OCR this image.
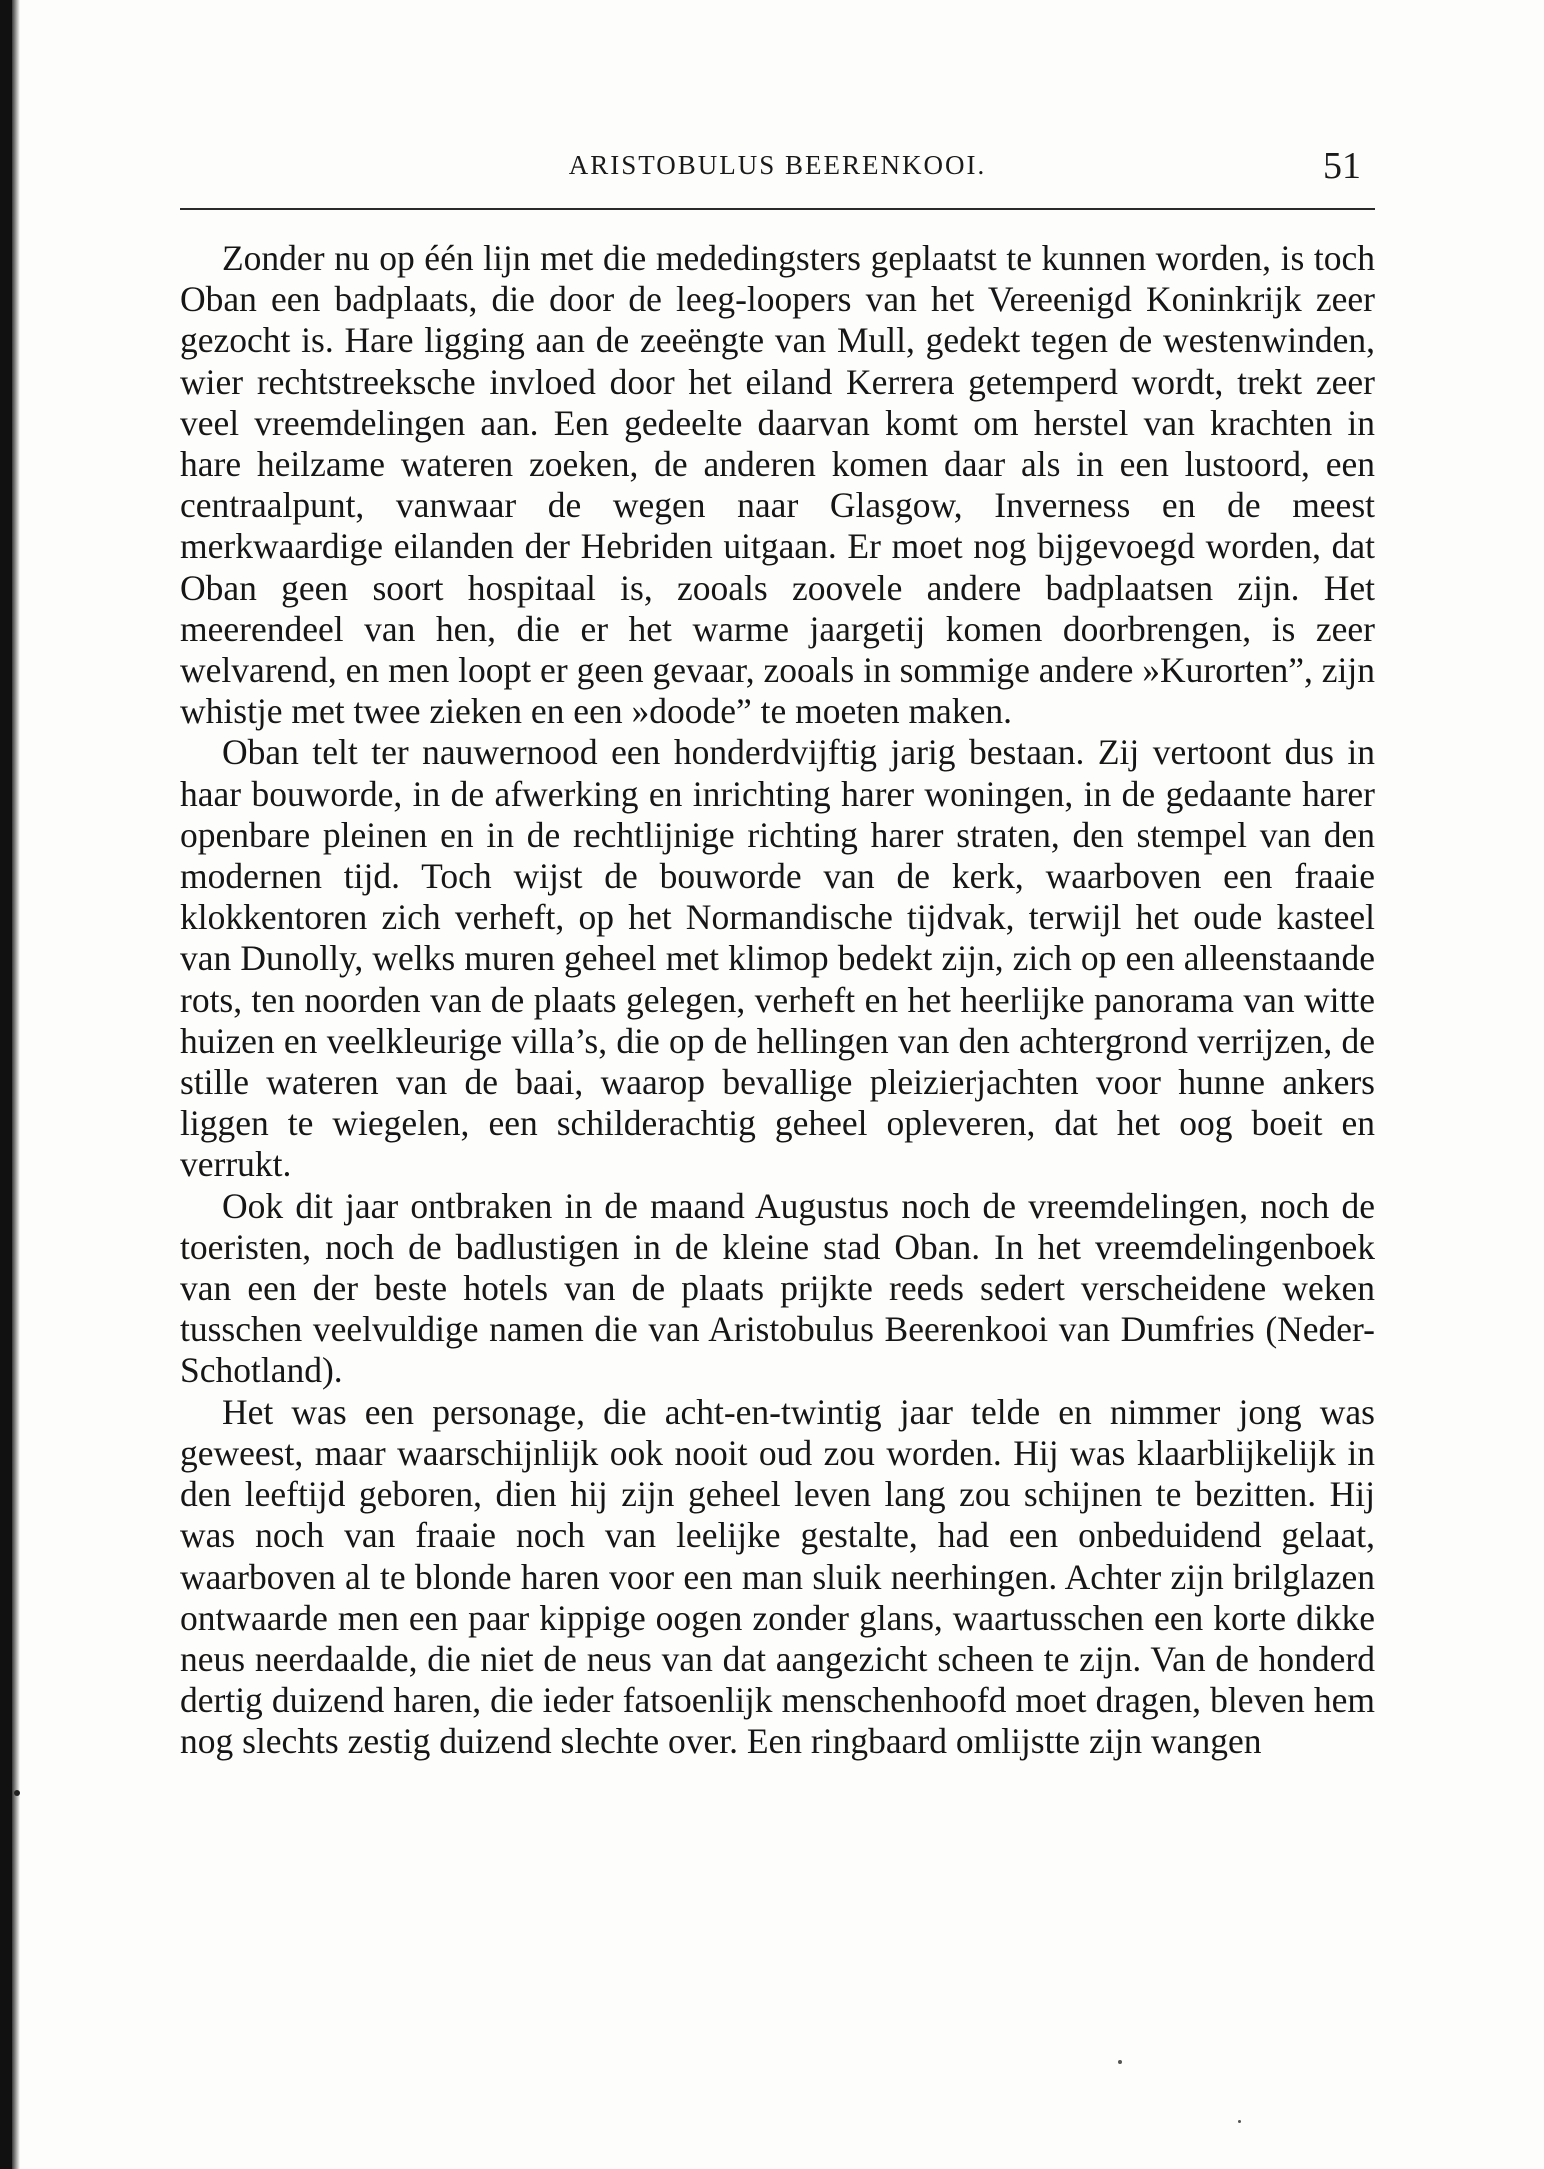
ARISTOBULUS BEERENKOOI.	51

Zonder nu op één lijn met die mededingsters geplaatst te kunnen worden, is toch Oban een badplaats, die door de leeg-loopers van het Vereenigd Koninkrijk zeer gezocht is. Hare ligging aan de zeeëngte van Mull, gedekt tegen de westenwinden, wier rechtstreeksche invloed door het eiland Kerrera getemperd wordt, trekt zeer veel vreemdelingen aan. Een gedeelte daarvan komt om herstel van krachten in hare heilzame wateren zoeken, de anderen komen daar als in een lustoord, een centraalpunt, vanwaar de wegen naar Glasgow, Inverness en de meest merkwaardige eilanden der Hebriden uitgaan. Er moet nog bijgevoegd worden, dat Oban geen soort hospitaal is, zooals zoovele andere badplaatsen zijn. Het meerendeel van hen, die er het warme jaargetij komen doorbrengen, is zeer welvarend, en men loopt er geen gevaar, zooals in sommige andere »Kurorten”, zijn whistje met twee zieken en een »doode” te moeten maken.

Oban telt ter nauwernood een honderdvijftig jarig bestaan. Zij vertoont dus in haar bouworde, in de afwerking en inrichting harer woningen, in de gedaante harer openbare pleinen en in de rechtlijnige richting harer straten, den stempel van den modernen tijd. Toch wijst de bouworde van de kerk, waarboven een fraaie klokkentoren zich verheft, op het Normandische tijdvak, terwijl het oude kasteel van Dunolly, welks muren geheel met klimop bedekt zijn, zich op een alleenstaande rots, ten noorden van de plaats gelegen, verheft en het heerlijke panorama van witte huizen en veelkleurige villa’s, die op de hellingen van den achtergrond verrijzen, de stille wateren van de baai, waarop bevallige pleizierjachten voor hunne ankers liggen te wiegelen, een schilderachtig geheel opleveren, dat het oog boeit en verrukt.

Ook dit jaar ontbraken in de maand Augustus noch de vreemdelingen, noch de toeristen, noch de badlustigen in de kleine stad Oban. In het vreemdelingenboek van een der beste hotels van de plaats prijkte reeds sedert verscheidene weken tusschen veelvuldige namen die van Aristobulus Beerenkooi van Dumfries (Neder-Schotland).

Het was een personage, die acht-en-twintig jaar telde en nimmer jong was geweest, maar waarschijnlijk ook nooit oud zou worden. Hij was klaarblijkelijk in den leeftijd geboren, dien hij zijn geheel leven lang zou schijnen te bezitten. Hij was noch van fraaie noch van leelijke gestalte, had een onbeduidend gelaat, waarboven al te blonde haren voor een man sluik neerhingen. Achter zijn brilglazen ontwaarde men een paar kippige oogen zonder glans, waartusschen een korte dikke neus neerdaalde, die niet de neus van dat aangezicht scheen te zijn. Van de honderd dertig duizend haren, die ieder fatsoenlijk menschenhoofd moet dragen, bleven hem nog slechts zestig duizend slechte over. Een ringbaard omlijstte zijn wangen
